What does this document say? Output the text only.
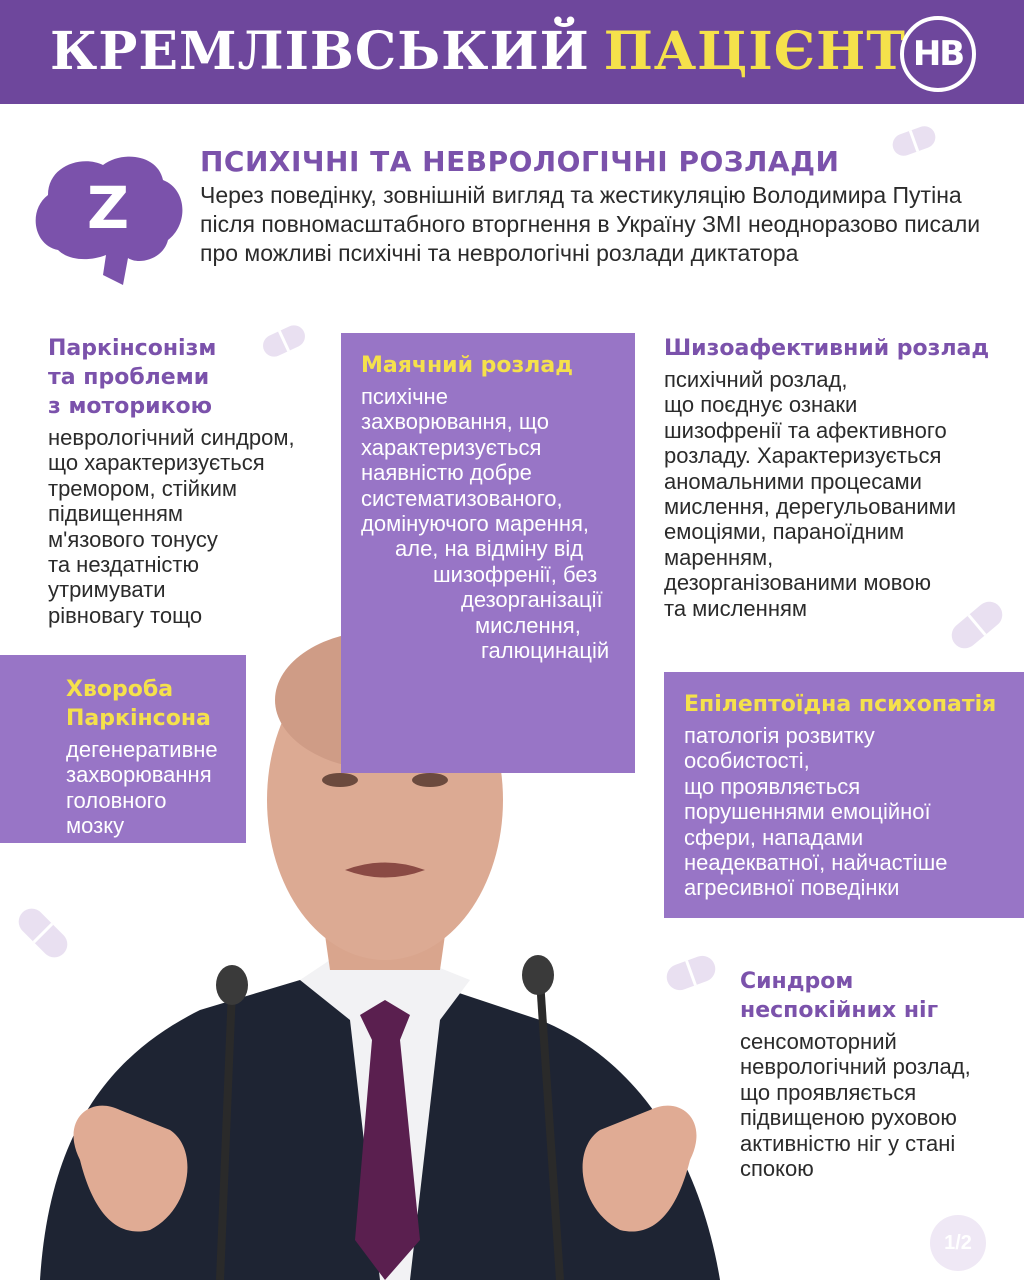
КРЕМЛІВСЬКИЙ ПАЦІЄНТ НВ
Z
ПСИХІЧНІ ТА НЕВРОЛОГІЧНІ РОЗЛАДИ
Через поведінку, зовнішній вигляд та жестикуляцію Володимира Путіна після повномасштабного вторгнення в Україну ЗМІ неодноразово писали про можливі психічні та неврологічні розлади диктатора
Паркінсонізм
та проблеми
з моторикою
неврологічний синдром,
що характеризується
тремором, стійким
підвищенням
м'язового тонусу
та нездатністю
утримувати
рівновагу тощо
Маячний розлад
психічне
захворювання, що
характеризується
наявністю добре
систематизованого,
домінуючого марення,
але, на відміну від
шизофренії, без
дезорганізації
мислення,
галюцинацій
Шизоафективний розлад
психічний розлад,
що поєднує ознаки
шизофренії та афективного
розладу. Характеризується
аномальними процесами
мислення, дерегульованими
емоціями, параноїдним
маренням,
дезорганізованими мовою
та мисленням
Хвороба
Паркінсона
дегенеративне
захворювання
головного
мозку
Епілептоїдна психопатія
патологія розвитку
особистості,
що проявляється
порушеннями емоційної
сфери, нападами
неадекватної, найчастіше
агресивної поведінки
Синдром
неспокійних ніг
сенсомоторний
неврологічний розлад,
що проявляється
підвищеною руховою
активністю ніг у стані
спокою
1/2
